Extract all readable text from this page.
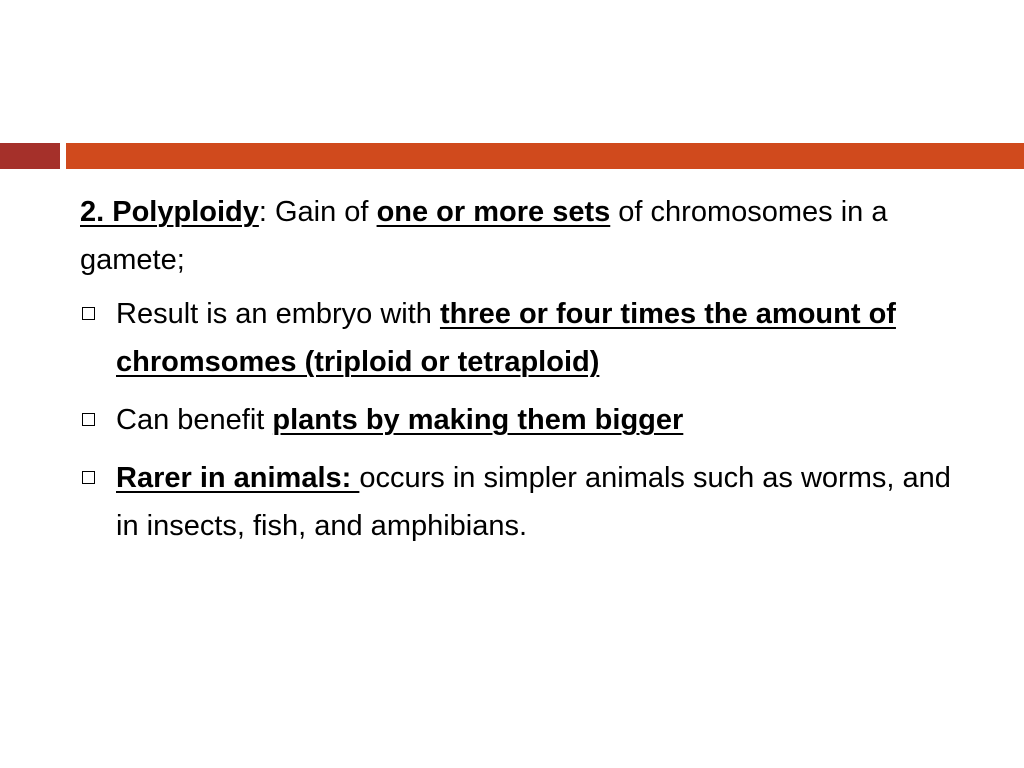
2. Polyploidy: Gain of one or more sets of chromosomes in a gamete;

Result is an embryo with three or four times the amount of chromsomes (triploid or tetraploid)
Can benefit plants by making them bigger
Rarer in animals: occurs in simpler animals such as worms, and in insects, fish, and amphibians.
